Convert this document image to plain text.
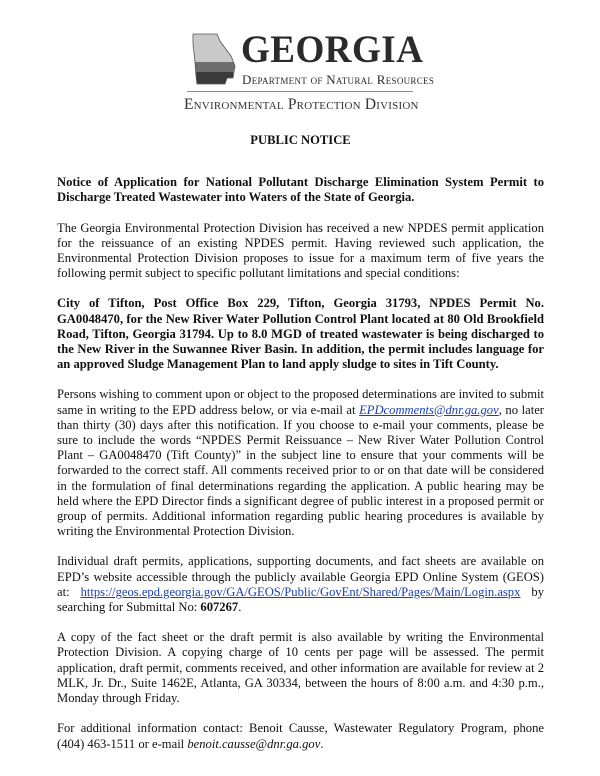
GEORGIA
Department of Natural Resources
Environmental Protection Division
PUBLIC NOTICE

Notice of Application for National Pollutant Discharge Elimination System Permit to Discharge Treated Wastewater into Waters of the State of Georgia.

The Georgia Environmental Protection Division has received a new NPDES permit application for the reissuance of an existing NPDES permit. Having reviewed such application, the Environmental Protection Division proposes to issue for a maximum term of five years the following permit subject to specific pollutant limitations and special conditions:

City of Tifton, Post Office Box 229, Tifton, Georgia 31793, NPDES Permit No. GA0048470, for the New River Water Pollution Control Plant located at 80 Old Brookfield Road, Tifton, Georgia 31794. Up to 8.0 MGD of treated wastewater is being discharged to the New River in the Suwannee River Basin. In addition, the permit includes language for an approved Sludge Management Plan to land apply sludge to sites in Tift County.

Persons wishing to comment upon or object to the proposed determinations are invited to submit same in writing to the EPD address below, or via e-mail at EPDcomments@dnr.ga.gov, no later than thirty (30) days after this notification. If you choose to e-mail your comments, please be sure to include the words “NPDES Permit Reissuance – New River Water Pollution Control Plant – GA0048470 (Tift County)” in the subject line to ensure that your comments will be forwarded to the correct staff. All comments received prior to or on that date will be considered in the formulation of final determinations regarding the application. A public hearing may be held where the EPD Director finds a significant degree of public interest in a proposed permit or group of permits. Additional information regarding public hearing procedures is available by writing the Environmental Protection Division.

Individual draft permits, applications, supporting documents, and fact sheets are available on EPD’s website accessible through the publicly available Georgia EPD Online System (GEOS) at: https://geos.epd.georgia.gov/GA/GEOS/Public/GovEnt/Shared/Pages/Main/Login.aspx by searching for Submittal No: 607267.

A copy of the fact sheet or the draft permit is also available by writing the Environmental Protection Division. A copying charge of 10 cents per page will be assessed. The permit application, draft permit, comments received, and other information are available for review at 2 MLK, Jr. Dr., Suite 1462E, Atlanta, GA 30334, between the hours of 8:00 a.m. and 4:30 p.m., Monday through Friday.

For additional information contact: Benoit Causse, Wastewater Regulatory Program, phone (404) 463-1511 or e-mail benoit.causse@dnr.ga.gov.
